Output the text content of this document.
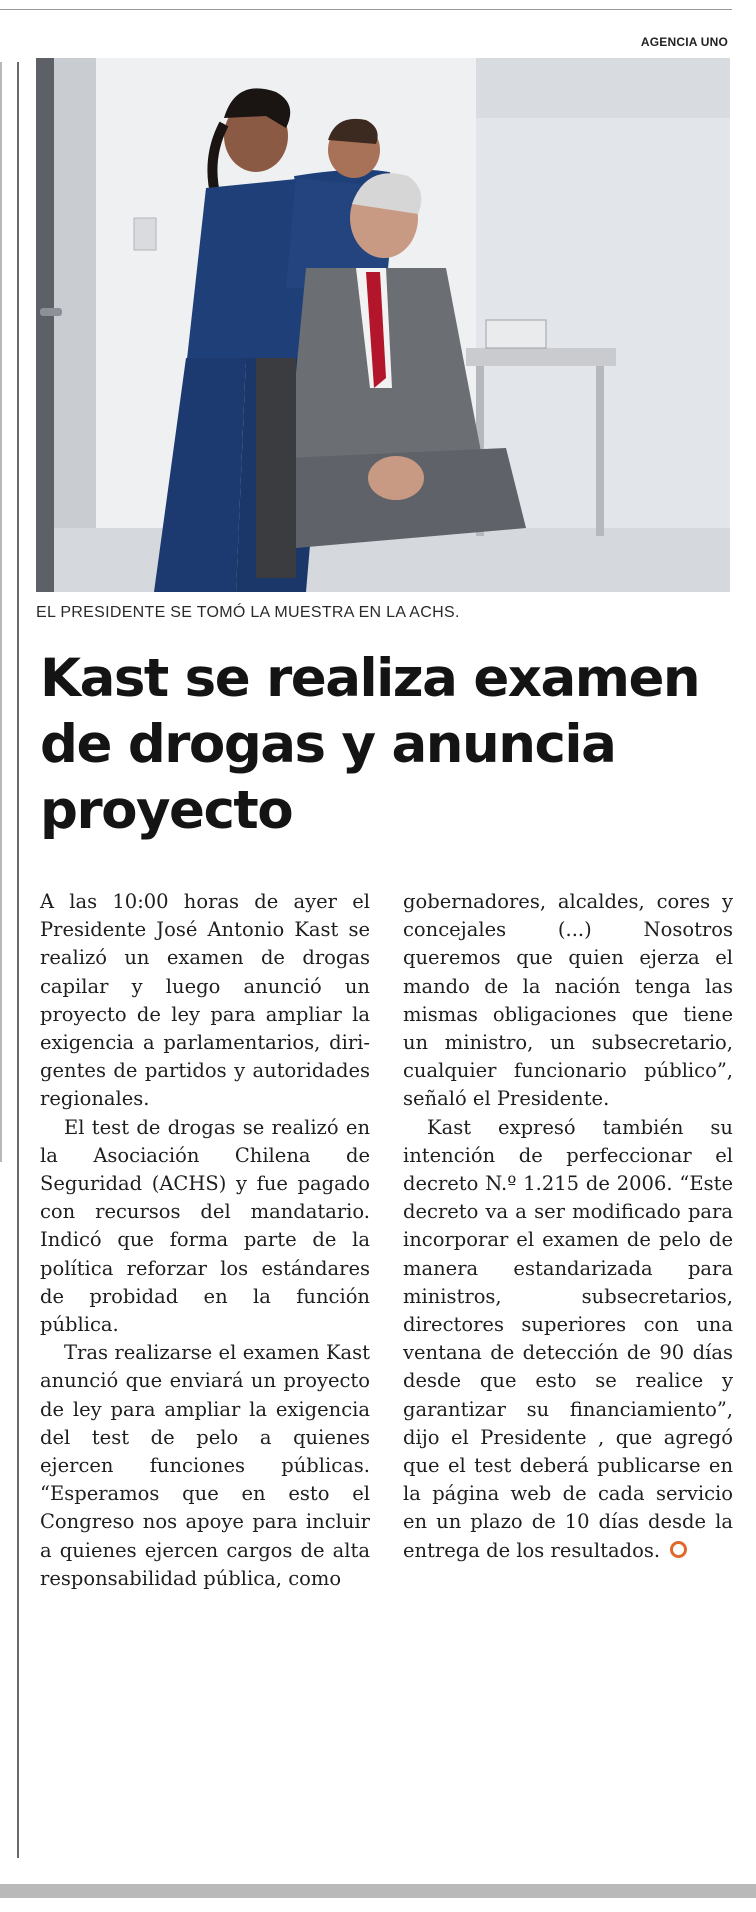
AGENCIA UNO
EL PRESIDENTE SE TOMÓ LA MUESTRA EN LA ACHS.
Kast se realiza examen de drogas y anuncia proyecto

A las 10:00 horas de ayer el Presidente José Antonio Kast se realizó un examen de drogas capilar y luego anunció un proyecto de ley para ampliar la exigencia a parlamentarios, dirigentes de partidos y autoridades regionales.

El test de drogas se realizó en la Asociación Chilena de Seguridad (ACHS) y fue pagado con recursos del mandatario. Indicó que forma parte de la política reforzar los estándares de probidad en la función pública.

Tras realizarse el examen Kast anunció que enviará un proyecto de ley para ampliar la exigencia del test de pelo a quienes ejercen funciones públicas. “Esperamos que en esto el Congreso nos apoye para incluir a quienes ejercen cargos de alta responsabilidad pública, como

gobernadores, alcaldes, cores y concejales (...) Nosotros queremos que quien ejerza el mando de la nación tenga las mismas obligaciones que tiene un ministro, un subsecretario, cualquier funcionario público”, señaló el Presidente.

Kast expresó también su intención de perfeccionar el decreto N.º 1.215 de 2006. “Este decreto va a ser modificado para incorporar el examen de pelo de manera estandarizada para ministros, subsecretarios, directores superiores con una ventana de detección de 90 días desde que esto se realice y garantizar su financiamiento”, dijo el Presidente , que agregó que el test deberá publicarse en la página web de cada servicio en un plazo de 10 días desde la entrega de los resultados.
